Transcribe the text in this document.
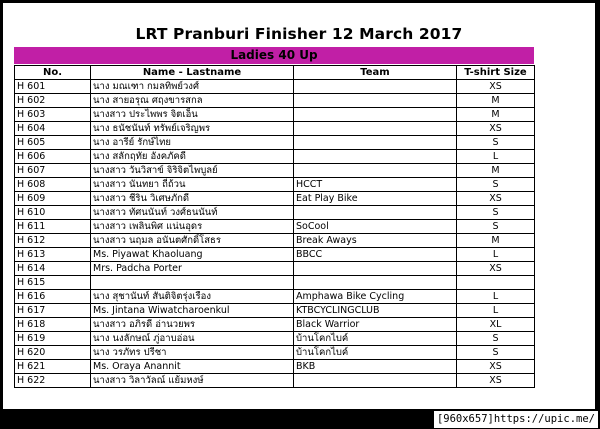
LRT Pranburi Finisher 12 March 2017
Ladies 40 Up
No.	Name - Lastname	Team	T-shirt Size
H 601	นาง มณเฑา กมลทิพย์วงศ์		XS
H 602	นาง สายอรุณ ศฤงขารสกล		M
H 603	นางสาว ประไพพร จิตเอ็น		M
H 604	นาง ธนัชนันท์ ทรัพย์เจริญพร		XS
H 605	นาง อารีย์ รักษ์ไทย		S
H 606	นาง สลักฤทัย อังคภัคดี		L
H 607	นางสาว วันวิสาข์ จิริจิตไพบูลย์		M
H 608	นางสาว นันทยา ถี่ถ้วน	HCCT	S
H 609	นางสาว ชีริน วิเศษภักดี	Eat Play Bike	XS
H 610	นางสาว ทัศนนันท์ วงศ์ธนนันท์		S
H 611	นางสาว เพลินพิศ แน่นอุดร	SoCool	S
H 612	นางสาว นฤมล อนันตศักดิ์โสธร	Break Aways	M
H 613	Ms. Piyawat Khaoluang	BBCC	L
H 614	Mrs. Padcha Porter		XS
H 615			
H 616	นาง สุชานันท์ สันติจิตรุ่งเรือง	Amphawa Bike Cycling	L
H 617	Ms. Jintana Wiwatcharoenkul	KTBCYCLINGCLUB	L
H 618	นางสาว อภิรดี อ่านวยพร	Black Warrior	XL
H 619	นาง นงลักษณ์ ภู่อาบอ่อน	บ้านโคกไบค์	S
H 620	นาง วรภัทร ปรีชา	บ้านโคกไบค์	S
H 621	Ms. Oraya Anannit	BKB	XS
H 622	นางสาว วิลาวัลณ์ แย้มหงษ์		XS
[960x657]https://upic.me/
